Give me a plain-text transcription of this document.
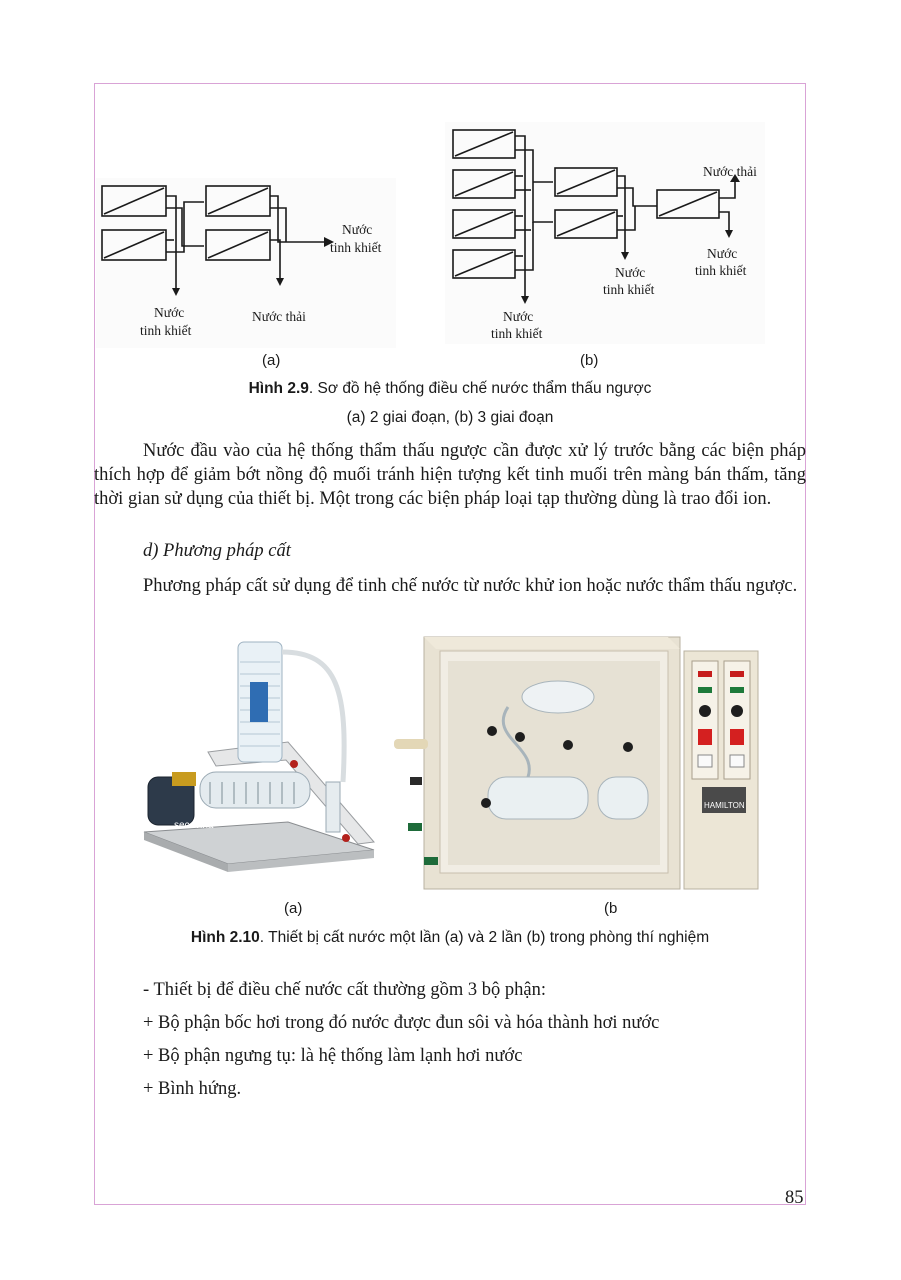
Nước
tinh khiết
Nước thải
Nước
tinh khiết
Nước thải
Nước
tinh khiết
Nước
tinh khiết
Nước
tinh khiết
(a)	(b)
Hình 2.9. Sơ đồ hệ thống điều chế nước thẩm thấu ngược
(a) 2 giai đoạn, (b) 3 giai đoạn

Nước đầu vào của hệ thống thẩm thấu ngược cần được xử lý trước bằng các biện pháp thích hợp để giảm bớt nồng độ muối tránh hiện tượng kết tinh muối trên màng bán thấm, tăng thời gian sử dụng của thiết bị. Một trong các biện pháp loại tạp thường dùng là trao đổi ion.

d) Phương pháp cất

Phương pháp cất sử dụng để tinh chế nước từ nước khử ion hoặc nước thẩm thấu ngược.

secovina
HAMILTON
(a)	(b
Hình 2.10. Thiết bị cất nước một lần (a) và 2 lần (b) trong phòng thí nghiệm
- Thiết bị để điều chế nước cất thường gồm 3 bộ phận:
+ Bộ phận bốc hơi trong đó nước được đun sôi và hóa thành hơi nước
+ Bộ phận ngưng tụ: là hệ thống làm lạnh hơi nước
+ Bình hứng.
85
